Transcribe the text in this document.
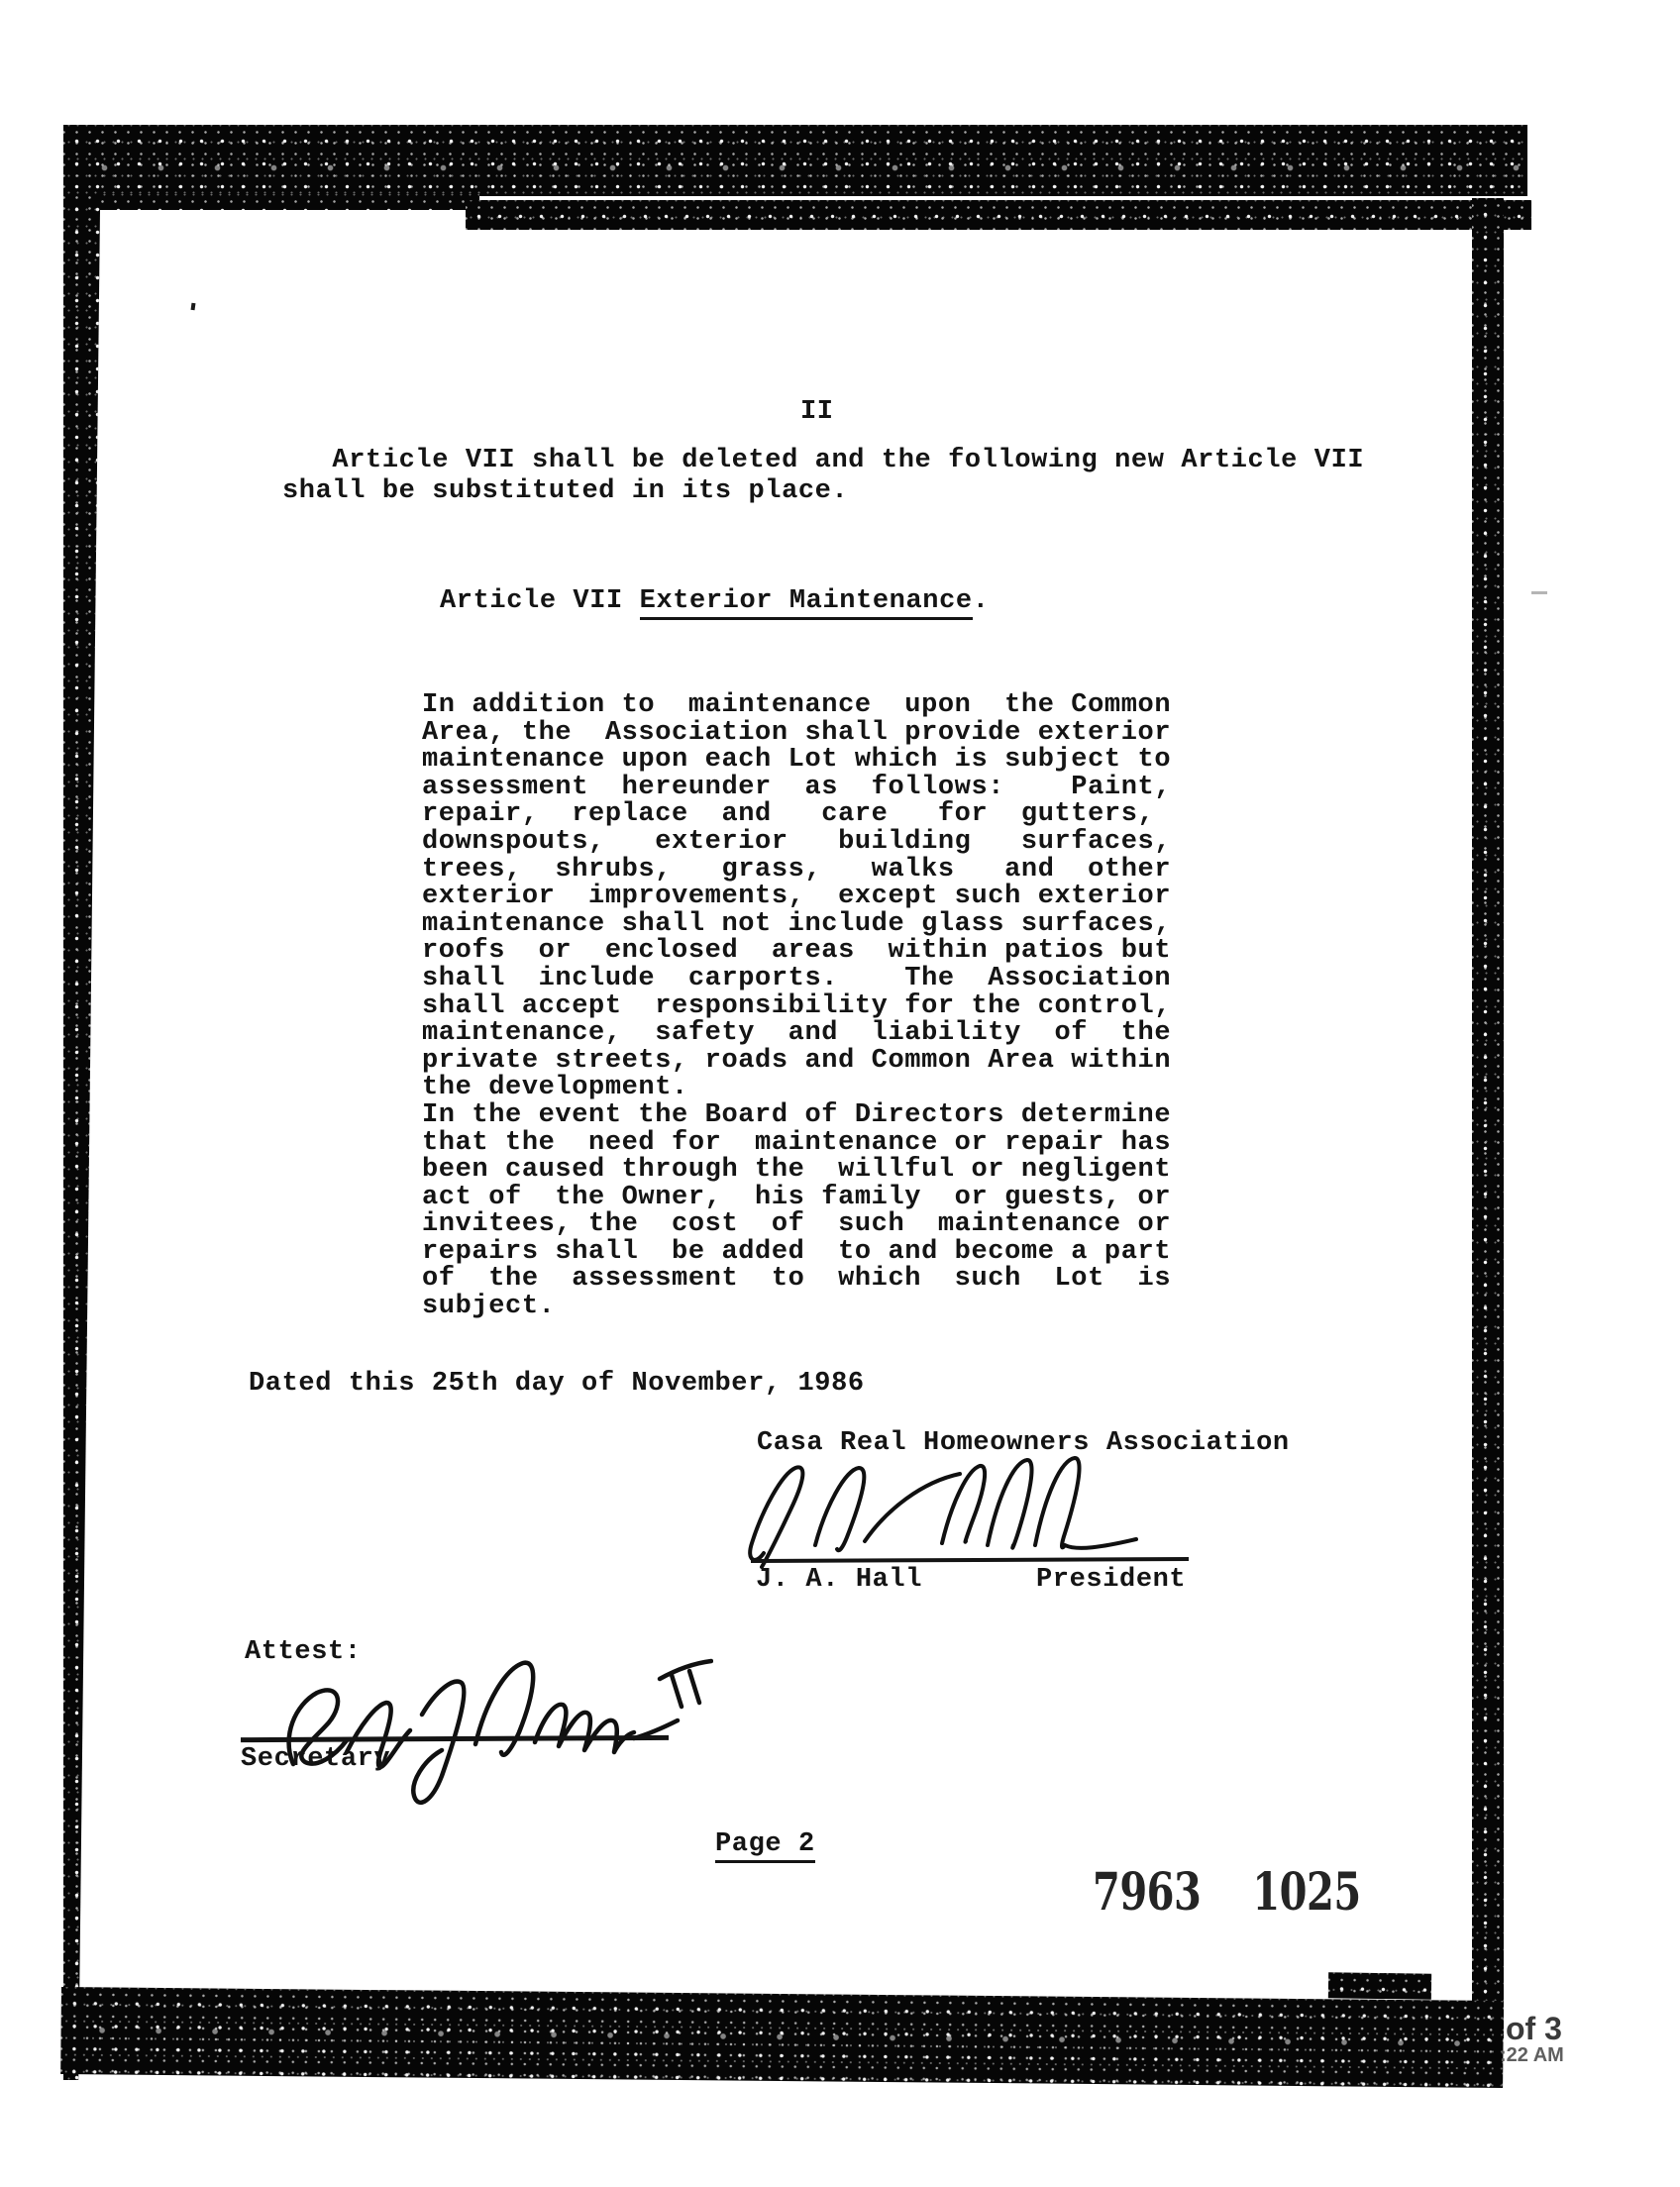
II
Article VII shall be deleted and the following new Article VII
shall be substituted in its place.
Article VII Exterior Maintenance.
In addition to  maintenance  upon  the Common
Area, the  Association shall provide exterior
maintenance upon each Lot which is subject to
assessment  hereunder  as  follows:    Paint,
repair,  replace  and   care   for  gutters,
downspouts,   exterior   building   surfaces,
trees,  shrubs,   grass,   walks   and  other
exterior  improvements,  except such exterior
maintenance shall not include glass surfaces,
roofs  or  enclosed  areas  within patios but
shall  include  carports.    The  Association
shall accept  responsibility for the control,
maintenance,  safety  and  liability  of  the
private streets, roads and Common Area within
the development.
In the event the Board of Directors determine
that the  need for  maintenance or repair has
been caused through the  willful or negligent
act of  the Owner,  his family  or guests, or
invitees, the  cost  of  such  maintenance or
repairs shall  be added  to and become a part
of  the  assessment  to  which  such  Lot  is
subject.
Dated this 25th day of November, 1986
Casa Real Homeowners Association
J. A. Hall	President
Attest:
Secretary
Page 2
7963 1025
of 3
:22 AM
